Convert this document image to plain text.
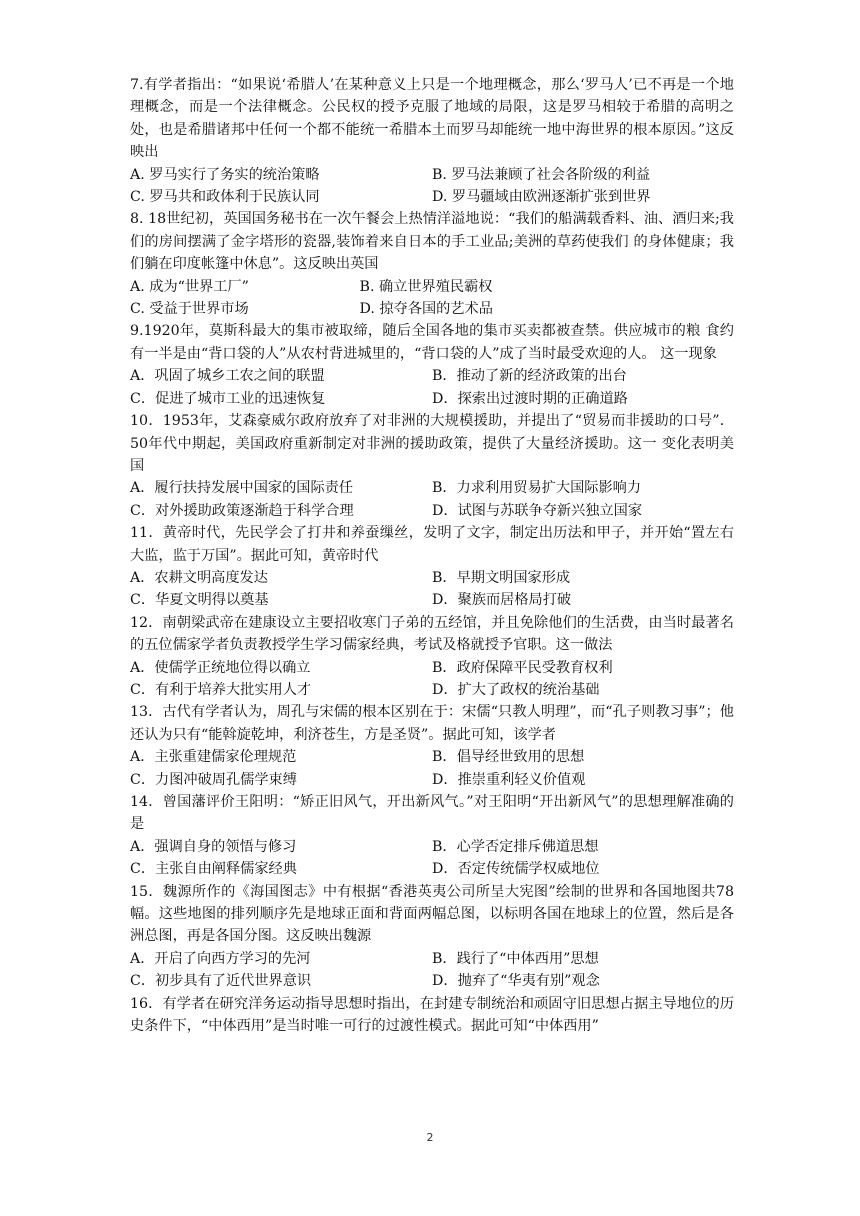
7.有学者指出：“如果说‘希腊人’在某种意义上只是一个地理概念，那么‘罗马人’已不再是一个地理概念，而是一个法律概念。公民权的授予克服了地域的局限，这是罗马相较于希腊的高明之处，也是希腊诸邦中任何一个都不能统一希腊本土而罗马却能统一地中海世界的根本原因。”这反映出

A. 罗马实行了务实的统治策略	B. 罗马法兼顾了社会各阶级的利益
C. 罗马共和政体利于民族认同	D. 罗马疆域由欧洲逐渐扩张到世界

8. 18世纪初，英国国务秘书在一次午餐会上热情洋溢地说：“我们的船满载香料、油、酒归来;我们的房间摆满了金字塔形的瓷器,装饰着来自日本的手工业品;美洲的草药使我们 的身体健康；我们躺在印度帐篷中休息”。这反映出英国

A. 成为“世界工厂”	B. 确立世界殖民霸权
C. 受益于世界市场	D. 掠夺各国的艺术品

9.1920年，莫斯科最大的集市被取缔，随后全国各地的集市买卖都被查禁。供应城市的粮 食约有一半是由“背口袋的人”从农村背进城里的，“背口袋的人”成了当时最受欢迎的人。 这一现象

A．巩固了城乡工农之间的联盟	B．推动了新的经济政策的出台
C．促进了城市工业的迅速恢复	D．探索出过渡时期的正确道路

10．1953年，艾森豪威尔政府放弃了对非洲的大规模援助，并提出了“贸易而非援助的口号”．50年代中期起，美国政府重新制定对非洲的援助政策，提供了大量经济援助。这一 变化表明美国

A．履行扶持发展中国家的国际责任	B．力求利用贸易扩大国际影响力
C．对外援助政策逐渐趋于科学合理	D．试图与苏联争夺新兴独立国家

11．黄帝时代，先民学会了打井和养蚕缫丝，发明了文字，制定出历法和甲子，并开始“置左右大监，监于万国”。据此可知，黄帝时代

A．农耕文明高度发达	B．早期文明国家形成
C．华夏文明得以奠基	D．聚族而居格局打破

12．南朝梁武帝在建康设立主要招收寒门子弟的五经馆，并且免除他们的生活费，由当时最著名的五位儒家学者负责教授学生学习儒家经典，考试及格就授予官职。这一做法

A．使儒学正统地位得以确立	B．政府保障平民受教育权利
C．有利于培养大批实用人才	D．扩大了政权的统治基础

13．古代有学者认为，周孔与宋儒的根本区别在于：宋儒“只教人明理”，而“孔子则教习事”；他还认为只有“能斡旋乾坤，利济苍生，方是圣贤”。据此可知，该学者

A．主张重建儒家伦理规范	B．倡导经世致用的思想
C．力图冲破周孔儒学束缚	D．推崇重利轻义价值观

14．曾国藩评价王阳明：“矫正旧风气，开出新风气。”对王阳明“开出新风气”的思想理解准确的是

A．强调自身的领悟与修习	B．心学否定排斥佛道思想
C．主张自由阐释儒家经典	D．否定传统儒学权威地位

15．魏源所作的《海国图志》中有根据“香港英夷公司所呈大宪图”绘制的世界和各国地图共78幅。这些地图的排列顺序先是地球正面和背面两幅总图，以标明各国在地球上的位置，然后是各洲总图，再是各国分图。这反映出魏源

A．开启了向西方学习的先河	B．践行了“中体西用”思想
C．初步具有了近代世界意识	D．抛弃了“华夷有别”观念

16．有学者在研究洋务运动指导思想时指出，在封建专制统治和顽固守旧思想占据主导地位的历史条件下，“中体西用”是当时唯一可行的过渡性模式。据此可知“中体西用”

2
